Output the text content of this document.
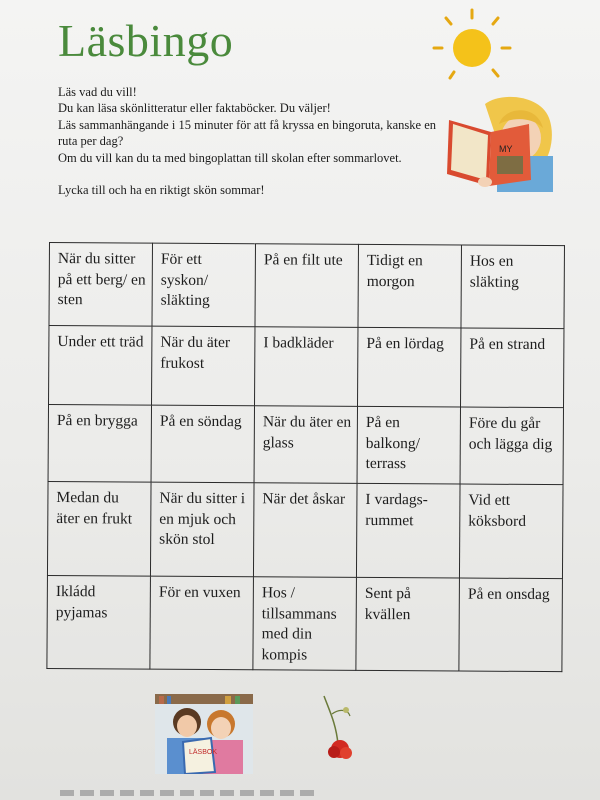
Läsbingo
Läs vad du vill!
Du kan läsa skönlitteratur eller faktaböcker. Du väljer!
Läs sammanhängande i 15 minuter för att få kryssa en bingoruta, kanske en ruta per dag?
Om du vill kan du ta med bingoplattan till skolan efter sommarlovet.
Lycka till och ha en riktigt skön sommar!
MY
När du sitter på ett berg/ en sten	För ett syskon/ släkting	På en filt ute	Tidigt en morgon	Hos en släkting
Under ett träd	När du äter frukost	I badkläder	På en lördag	På en strand
På en brygga	På en söndag	När du äter en glass	På en balkong/ terrass	Före du går och lägga dig
Medan du äter en frukt	När du sitter i en mjuk och skön stol	När det åskar	I vardags-rummet	Vid ett köksbord
Ikládd pyjamas	För en vuxen	Hos / tillsammans med din kompis	Sent på kvällen	På en onsdag
LÄSBOK
